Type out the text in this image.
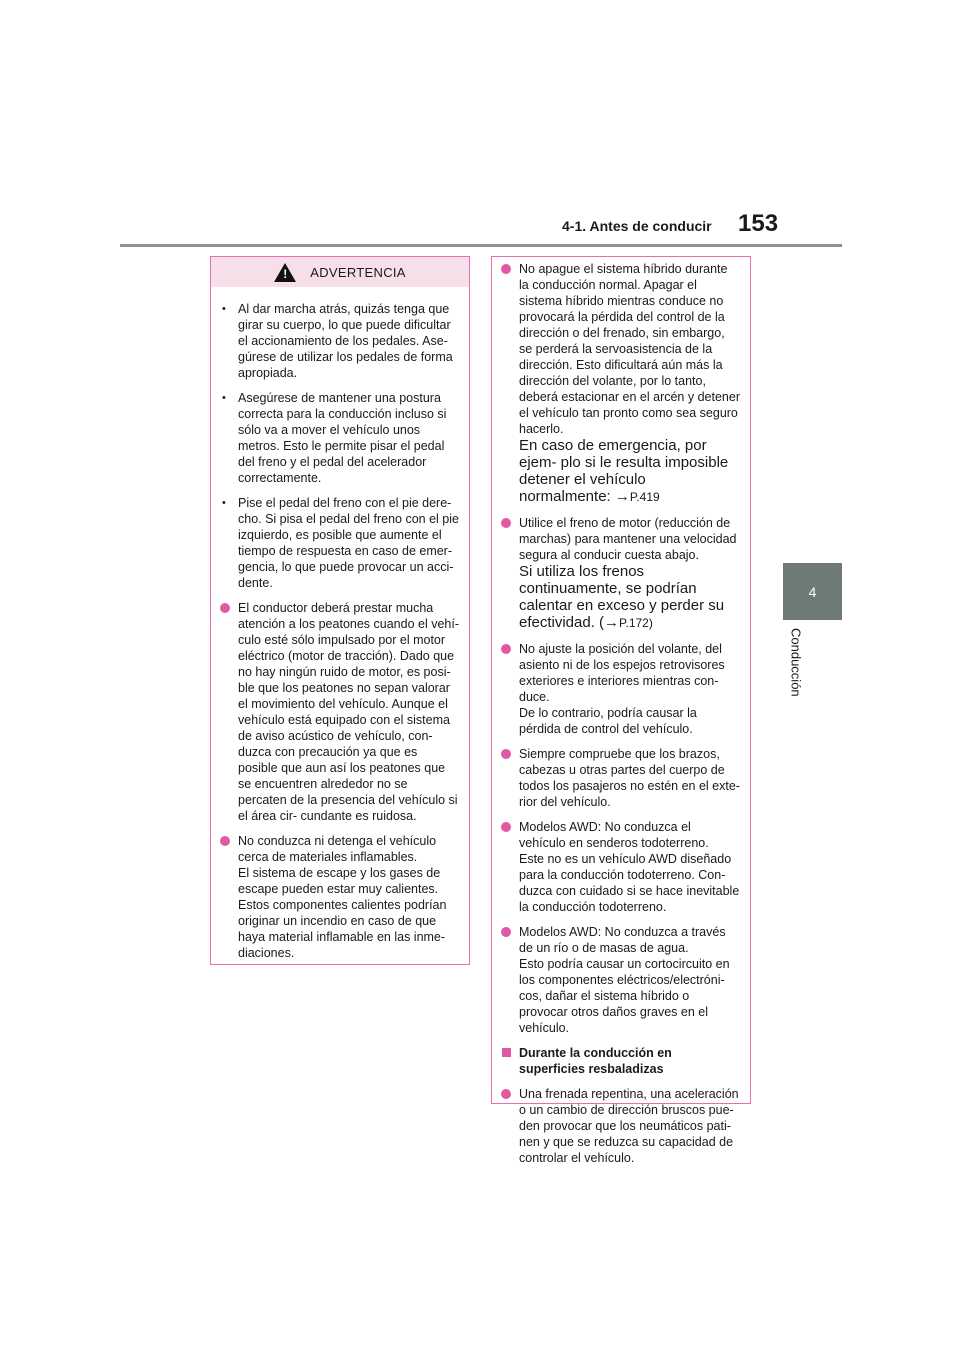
4-1. Antes de conducir 153
4
Conducción
! ADVERTENCIA

• Al dar marcha atrás, quizás tenga que girar su cuerpo, lo que puede dificultar el accionamiento de los pedales. Ase- gúrese de utilizar los pedales de forma apropiada.

• Asegúrese de mantener una postura correcta para la conducción incluso si sólo va a mover el vehículo unos metros. Esto le permite pisar el pedal del freno y el pedal del acelerador correctamente.

• Pise el pedal del freno con el pie dere- cho. Si pisa el pedal del freno con el pie izquierdo, es posible que aumente el tiempo de respuesta en caso de emer- gencia, lo que puede provocar un acci- dente.

El conductor deberá prestar mucha atención a los peatones cuando el vehí- culo esté sólo impulsado por el motor eléctrico (motor de tracción). Dado que no hay ningún ruido de motor, es posi- ble que los peatones no sepan valorar el movimiento del vehículo. Aunque el vehículo está equipado con el sistema de aviso acústico de vehículo, con- duzca con precaución ya que es posible que aun así los peatones que se encuentren alrededor no se percaten de la presencia del vehículo si el área cir- cundante es ruidosa.

No conduzca ni detenga el vehículo cerca de materiales inflamables.
El sistema de escape y los gases de escape pueden estar muy calientes. Estos componentes calientes podrían originar un incendio en caso de que haya material inflamable en las inme- diaciones.

No apague el sistema híbrido durante la conducción normal. Apagar el sistema híbrido mientras conduce no provocará la pérdida del control de la dirección o del frenado, sin embargo, se perderá la servoasistencia de la dirección. Esto dificultará aún más la dirección del volante, por lo tanto, deberá estacionar en el arcén y detener el vehículo tan pronto como sea seguro hacerlo.
En caso de emergencia, por ejem- plo si le resulta imposible detener el vehículo normalmente: →P.419
Utilice el freno de motor (reducción de marchas) para mantener una velocidad segura al conducir cuesta abajo.
Si utiliza los frenos continuamente, se podrían calentar en exceso y perder su efectividad. (→P.172)

No ajuste la posición del volante, del asiento ni de los espejos retrovisores exteriores e interiores mientras con- duce.
De lo contrario, podría causar la pérdida de control del vehículo.

Siempre compruebe que los brazos, cabezas u otras partes del cuerpo de todos los pasajeros no estén en el exte- rior del vehículo.

Modelos AWD: No conduzca el vehículo en senderos todoterreno.
Este no es un vehículo AWD diseñado para la conducción todoterreno. Con- duzca con cuidado si se hace inevitable la conducción todoterreno.

Modelos AWD: No conduzca a través de un río o de masas de agua.
Esto podría causar un cortocircuito en los componentes eléctricos/electróni- cos, dañar el sistema híbrido o provocar otros daños graves en el vehículo.

Durante la conducción en superficies resbaladizas

Una frenada repentina, una aceleración o un cambio de dirección bruscos pue- den provocar que los neumáticos pati- nen y que se reduzca su capacidad de controlar el vehículo.
